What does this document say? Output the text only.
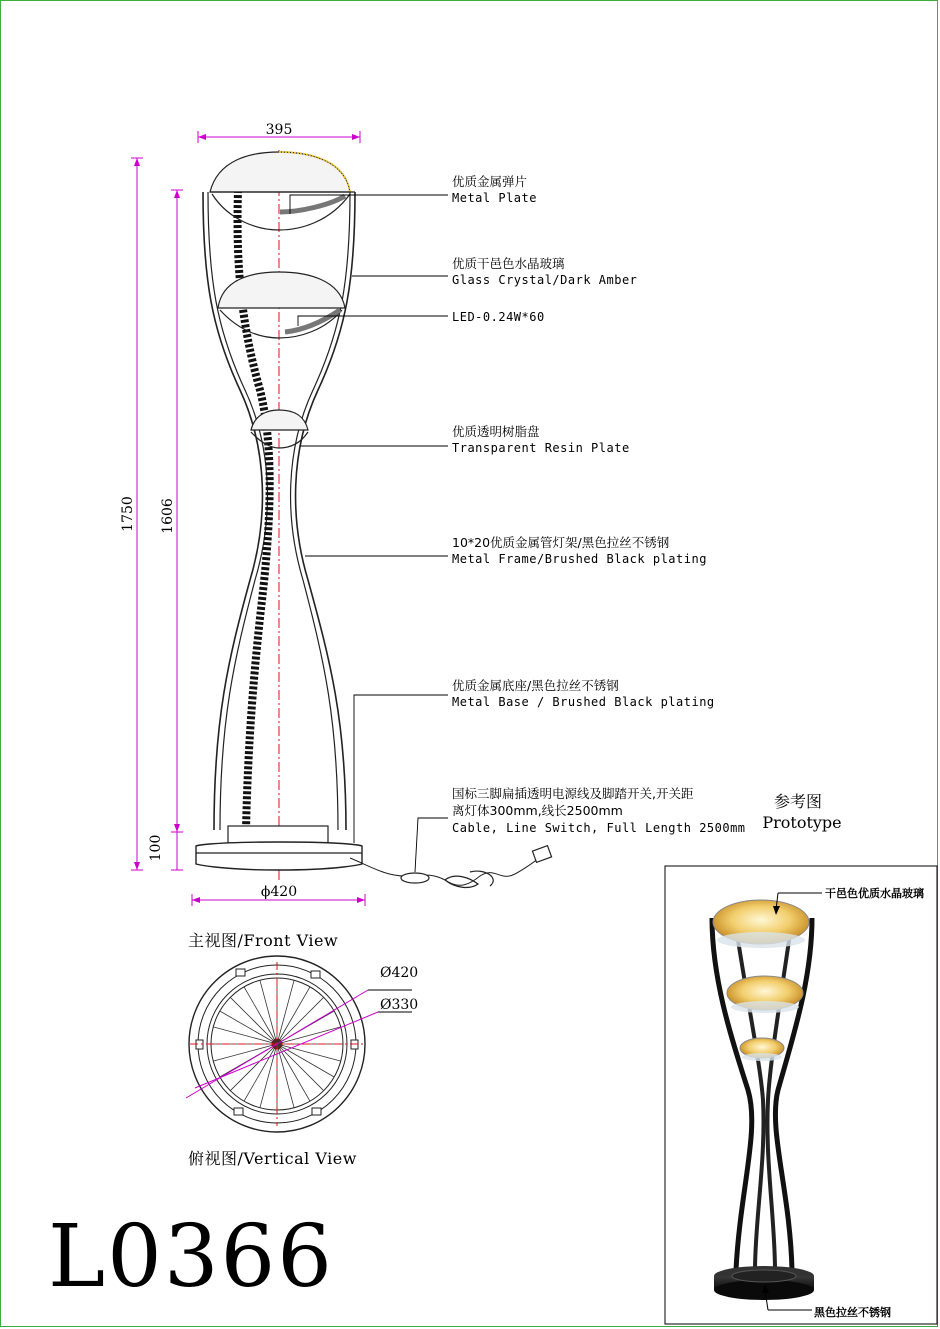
395
ϕ420
1750 1606
100
优质金属弹片
Metal Plate
优质干邑色水晶玻璃
Glass Crystal/Dark Amber
LED-0.24W*60
优质透明树脂盘
Transparent Resin Plate
10*20优质金属管灯架/黑色拉丝不锈钢
Metal Frame/Brushed Black plating
优质金属底座/黑色拉丝不锈钢
Metal Base / Brushed Black plating
国标三脚扁插透明电源线及脚踏开关,开关距
离灯体300mm,线长2500mm
Cable, Line Switch, Full Length 2500mm
主视图/Front View
俯视图/Vertical View
Ø420
Ø330
L0366
参考图
Prototype
干邑色优质水晶玻璃
黑色拉丝不锈钢
